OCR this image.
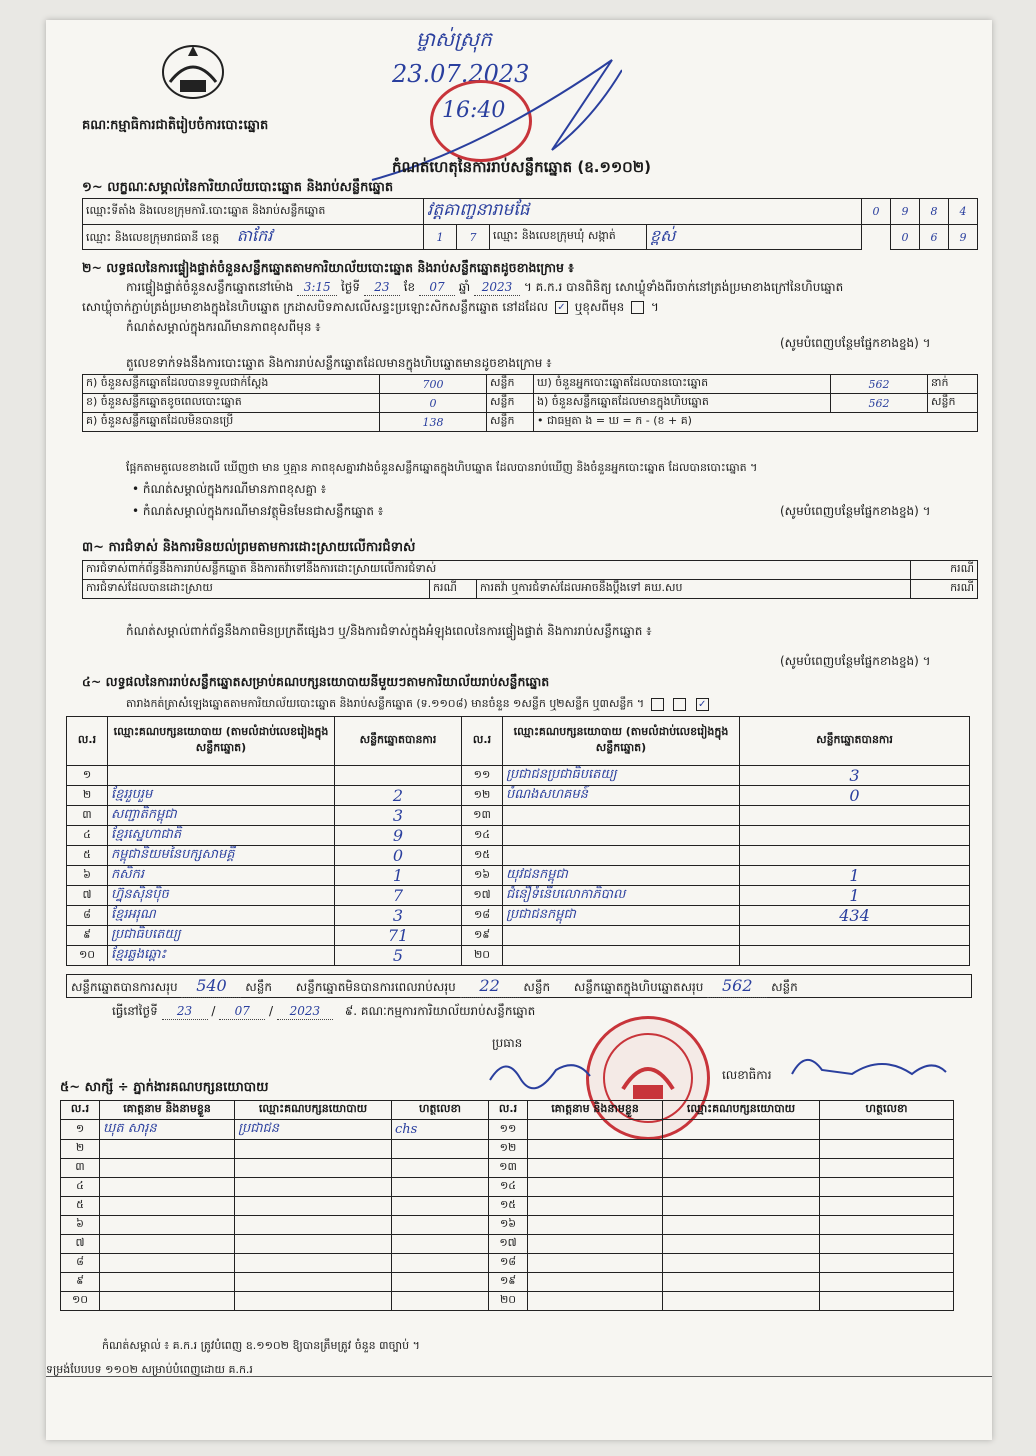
គណៈកម្មាធិការជាតិរៀបចំការបោះឆ្នោត
ម្ចាស់ស្រុក
23.07.2023
16:40
កំណត់ហេតុនៃការរាប់សន្លឹកឆ្នោត (ឧ.១១០២)
១~ លក្ខណៈសម្គាល់នៃការិយាល័យបោះឆ្នោត និងរាប់សន្លឹកឆ្នោត
ឈ្មោះទីតាំង និងលេខក្រុមការិ.បោះឆ្នោត និងរាប់សន្លឹកឆ្នោត	វត្តគាញ្ចនារាមផែ				0	9	8	4
ឈ្មោះ និងលេខក្រុមរាជធានី ខេត្ត តាកែវ	1	7	ឈ្មោះ និងលេខក្រុមឃុំ សង្កាត់	ខ្ពស់		0	6	9
២~ លទ្ធផលនៃការផ្ទៀងផ្ទាត់ចំនួនសន្លឹកឆ្នោតតាមការិយាល័យបោះឆ្នោត និងរាប់សន្លឹកឆ្នោតដូចខាងក្រោម ៖
ការផ្ទៀងផ្ទាត់ចំនួនសន្លឹកឆ្នោតនៅម៉ោង 3:15 ថ្ងៃទី 23 ខែ 07 ឆ្នាំ 2023 ។ គ.ក.រ បានពិនិត្យ សោឃ្លុំទាំងពីរចាក់នៅត្រង់ប្រមាខាងក្រៅនៃហិបឆ្នោត
សោឃ្លុំចាក់ភ្ជាប់ត្រង់ប្រមាខាងក្នុងនៃហិបឆ្នោត ក្រដាសបិទភាសលើសន្ទះប្រឡោះសិកសន្លឹកឆ្នោត នៅដដែល ✓ ឬខុសពីមុន  ។
កំណត់សម្គាល់ក្នុងករណីមានភាពខុសពីមុន ៖
(សូមបំពេញបន្ថែមផ្នែកខាងខ្នង) ។
តួលេខទាក់ទងនឹងការបោះឆ្នោត និងការរាប់សន្លឹកឆ្នោតដែលមានក្នុងហិបឆ្នោតមានដូចខាងក្រោម ៖
ក) ចំនួនសន្លឹកឆ្នោតដែលបានទទួលជាក់ស្តែង	700	សន្លឹក	ឃ) ចំនួនអ្នកបោះឆ្នោតដែលបានបោះឆ្នោត	562	នាក់
ខ) ចំនួនសន្លឹកឆ្នោតខូចពេលបោះឆ្នោត	0	សន្លឹក	ង) ចំនួនសន្លឹកឆ្នោតដែលមានក្នុងហិបឆ្នោត	562	សន្លឹក
គ) ចំនួនសន្លឹកឆ្នោតដែលមិនបានប្រើ	138	សន្លឹក	• ជាធម្មតា ង = ឃ = ក - (ខ + គ)		
ផ្អែកតាមតួលេខខាងលើ ឃើញថា មាន ឬគ្មាន ភាពខុសគ្នារវាងចំនួនសន្លឹកឆ្នោតក្នុងហិបឆ្នោត ដែលបានរាប់ឃើញ និងចំនួនអ្នកបោះឆ្នោត ដែលបានបោះឆ្នោត ។
• កំណត់សម្គាល់ក្នុងករណីមានភាពខុសគ្នា ៖
• កំណត់សម្គាល់ក្នុងករណីមានវត្ថុមិនមែនជាសន្លឹកឆ្នោត ៖	(សូមបំពេញបន្ថែមផ្នែកខាងខ្នង) ។
៣~ ការជំទាស់ និងការមិនយល់ព្រមតាមការដោះស្រាយលើការជំទាស់
ការជំទាស់ពាក់ព័ន្ធនឹងការរាប់សន្លឹកឆ្នោត និងការតវ៉ាទៅនឹងការដោះស្រាយលើការជំទាស់			ករណី
ការជំទាស់ដែលបានដោះស្រាយ	ករណី	ការតវ៉ា ឬការជំទាស់ដែលអាចនឹងប្តឹងទៅ គឃ.សប	ករណី
កំណត់សម្គាល់ពាក់ព័ន្ធនឹងភាពមិនប្រក្រតីផ្សេងៗ ឬ/និងការជំទាស់ក្នុងអំឡុងពេលនៃការផ្ទៀងផ្ទាត់ និងការរាប់សន្លឹកឆ្នោត ៖
(សូមបំពេញបន្ថែមផ្នែកខាងខ្នង) ។
៤~ លទ្ធផលនៃការរាប់សន្លឹកឆ្នោតសម្រាប់គណបក្សនយោបាយនីមួយៗតាមការិយាល័យរាប់សន្លឹកឆ្នោត
តារាងកត់ត្រាសំឡេងឆ្នោតតាមការិយាល័យបោះឆ្នោត និងរាប់សន្លឹកឆ្នោត (ទ.១១០៨) មានចំនួន ១សន្លឹក ឬ២សន្លឹក ឬ៣សន្លឹក ។	✓
ល.រ	ឈ្មោះគណបក្សនយោបាយ (តាមលំដាប់លេខរៀងក្នុងសន្លឹកឆ្នោត)	សន្លឹកឆ្នោតបានការ	ល.រ	ឈ្មោះគណបក្សនយោបាយ (តាមលំដាប់លេខរៀងក្នុងសន្លឹកឆ្នោត)	សន្លឹកឆ្នោតបានការ
១			១១	ប្រជាជនប្រជាធិបតេយ្យ	3
២	ខ្មែររួបរួម	2	១២	បំណងសហគមន៍	0
៣	សញ្ជាតិកម្ពុជា	3	១៣		
៤	ខ្មែរស្នេហាជាតិ	9	១៤		
៥	កម្ពុជានិយមនៃបក្សសាមគ្គី	0	១៥		
៦	កសិករ	1	១៦	យុវជនកម្ពុជា	1
៧	ហ្វ៊ុនស៊ិនប៉ិច	7	១៧	ជំនឿទំនើបលោកាភិបាល	1
៨	ខ្មែរអរុណ	3	១៨	ប្រជាជនកម្ពុជា	434
៩	ប្រជាធិបតេយ្យ	71	១៩		
១០	ខ្មែរឆ្លងឆ្ពោះ	5	២០		
សន្លឹកឆ្នោតបានការសរុប 540 សន្លឹក សន្លឹកឆ្នោតមិនបានការពេលរាប់សរុប 22 សន្លឹក សន្លឹកឆ្នោតក្នុងហិបឆ្នោតសរុប 562 សន្លឹក
ធ្វើនៅថ្ងៃទី 23 / 07 / 2023 ៩. គណៈកម្មការការិយាល័យរាប់សន្លឹកឆ្នោត
ប្រធាន
លេខាធិការ
៥~ សាក្សី ÷ ភ្នាក់ងារគណបក្សនយោបាយ
ល.រ	គោត្តនាម និងនាមខ្លួន	ឈ្មោះគណបក្សនយោបាយ	ហត្ថលេខា	ល.រ	គោត្តនាម និងនាមខ្លួន	ឈ្មោះគណបក្សនយោបាយ	ហត្ថលេខា
១	ឃុត សារុន	ប្រជាជន	chs	១១			
២				១២			
៣				១៣			
៤				១៤			
៥				១៥			
៦				១៦			
៧				១៧			
៨				១៨			
៩				១៩			
១០				២០			
កំណត់សម្គាល់ ៖ គ.ក.រ ត្រូវបំពេញ ឧ.១១០២ ឱ្យបានត្រឹមត្រូវ ចំនួន ៣ច្បាប់ ។
ទម្រង់បែបបទ ១១០២ សម្រាប់បំពេញដោយ គ.ក.រ
